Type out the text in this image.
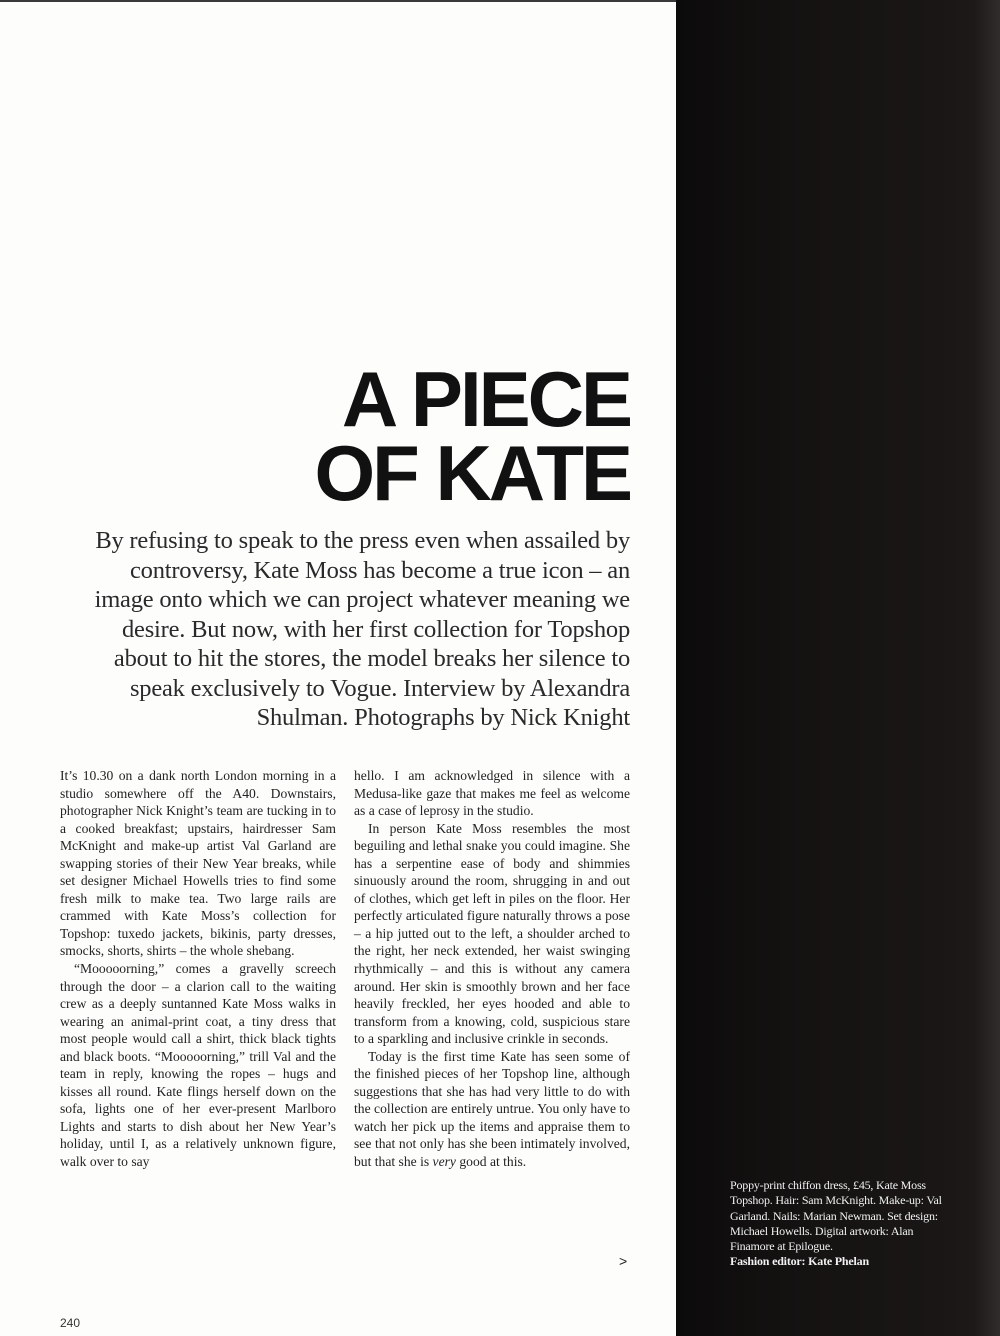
A PIECE
OF KATE

By refusing to speak to the press even when assailed by controversy, Kate Moss has become a true icon – an image onto which we can project whatever meaning we desire. But now, with her first collection for Topshop about to hit the stores, the model breaks her silence to speak exclusively to Vogue. Interview by Alexandra Shulman. Photographs by Nick Knight

It’s 10.30 on a dank north London morning in a studio somewhere off the A40. Downstairs, photographer Nick Knight’s team are tucking in to a cooked breakfast; upstairs, hairdresser Sam McKnight and make-up artist Val Garland are swapping stories of their New Year breaks, while set designer Michael Howells tries to find some fresh milk to make tea. Two large rails are crammed with Kate Moss’s collection for Topshop: tuxedo jackets, bikinis, party dresses, smocks, shorts, shirts – the whole shebang.

“Mooooorning,” comes a gravelly screech through the door – a clarion call to the waiting crew as a deeply suntanned Kate Moss walks in wearing an animal-print coat, a tiny dress that most people would call a shirt, thick black tights and black boots. “Mooooorning,” trill Val and the team in reply, knowing the ropes – hugs and kisses all round. Kate flings herself down on the sofa, lights one of her ever-present Marlboro Lights and starts to dish about her New Year’s holiday, until I, as a relatively unknown figure, walk over to say

hello. I am acknowledged in silence with a Medusa-like gaze that makes me feel as welcome as a case of leprosy in the studio.

In person Kate Moss resembles the most beguiling and lethal snake you could imagine. She has a serpentine ease of body and shimmies sinuously around the room, shrugging in and out of clothes, which get left in piles on the floor. Her perfectly articulated figure naturally throws a pose – a hip jutted out to the left, a shoulder arched to the right, her neck extended, her waist swinging rhythmically – and this is without any camera around. Her skin is smoothly brown and her face heavily freckled, her eyes hooded and able to transform from a knowing, cold, suspicious stare to a sparkling and inclusive crinkle in seconds.

Today is the first time Kate has seen some of the finished pieces of her Topshop line, although suggestions that she has had very little to do with the collection are entirely untrue. You only have to watch her pick up the items and appraise them to see that not only has she been intimately involved, but that she is very good at this.

>
240
Poppy-print chiffon dress, £45, Kate Moss Topshop. Hair: Sam McKnight. Make-up: Val Garland. Nails: Marian Newman. Set design: Michael Howells. Digital artwork: Alan Finamore at Epilogue.
Fashion editor: Kate Phelan
